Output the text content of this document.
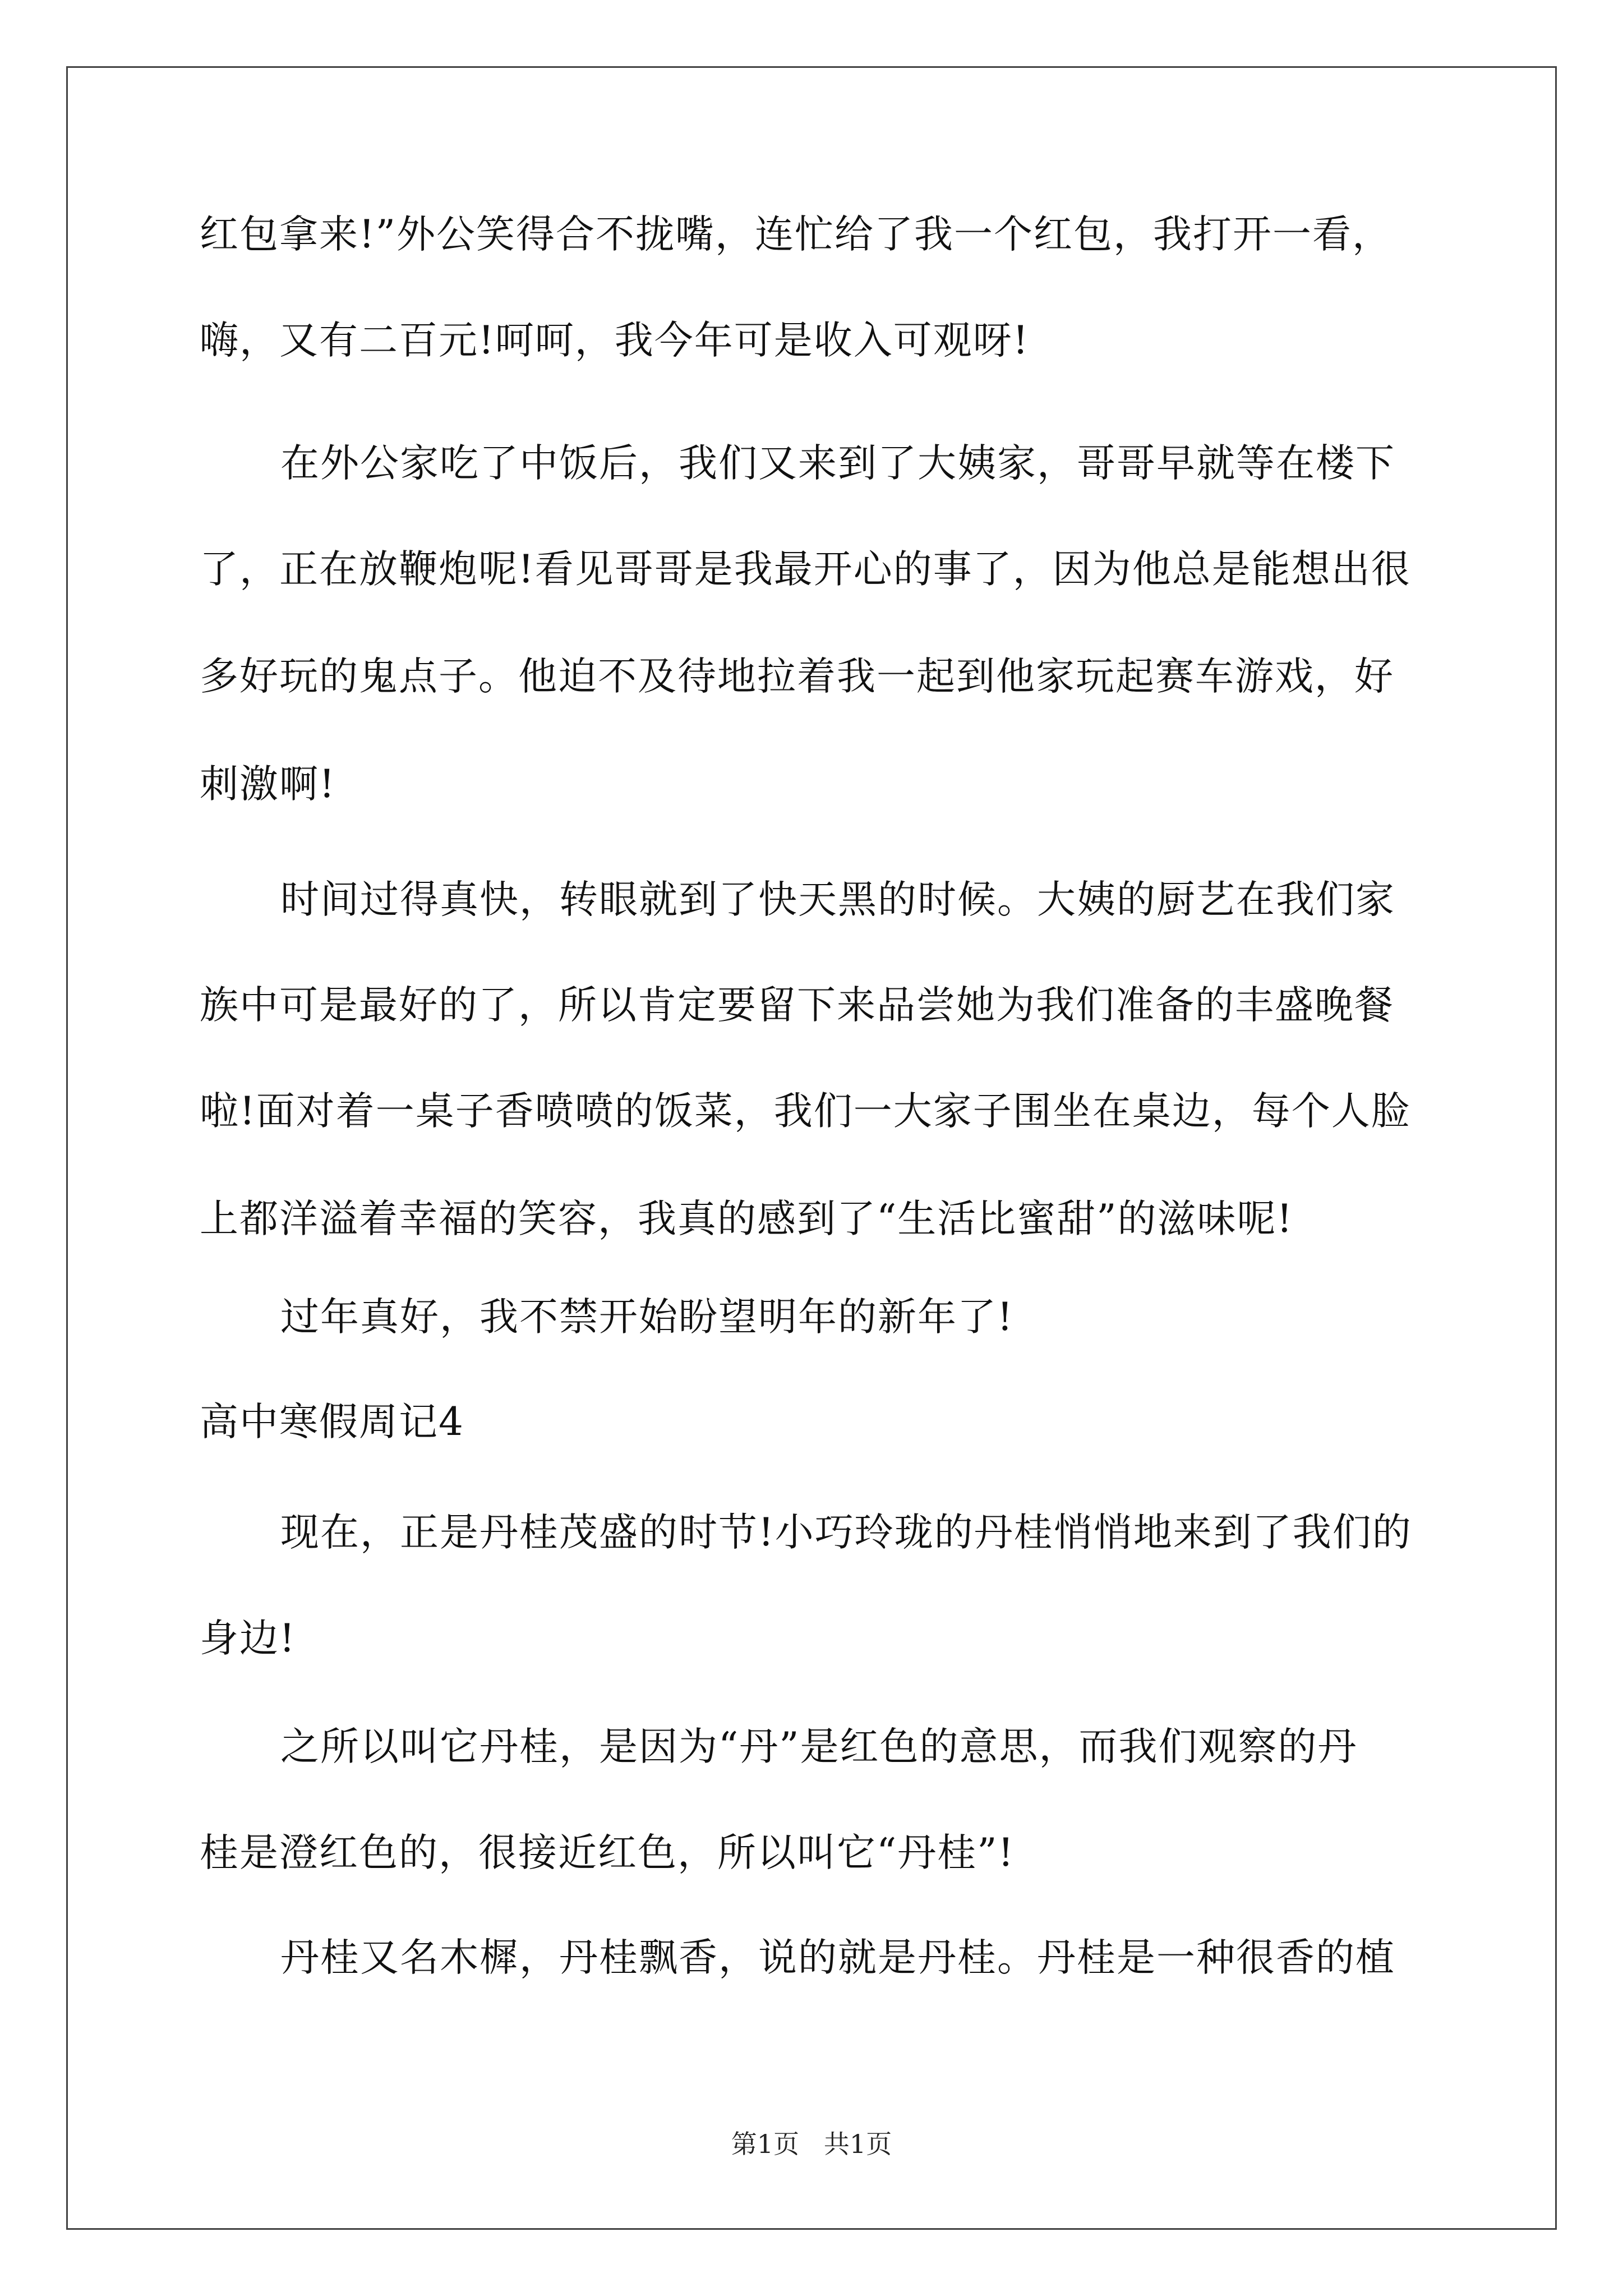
红包拿来!”外公笑得合不拢嘴，连忙给了我一个红包，我打开一看，
嗨，又有二百元!呵呵，我今年可是收入可观呀!
在外公家吃了中饭后，我们又来到了大姨家，哥哥早就等在楼下
了，正在放鞭炮呢!看见哥哥是我最开心的事了，因为他总是能想出很
多好玩的鬼点子。他迫不及待地拉着我一起到他家玩起赛车游戏，好
刺激啊!
时间过得真快，转眼就到了快天黑的时候。大姨的厨艺在我们家
族中可是最好的了，所以肯定要留下来品尝她为我们准备的丰盛晚餐
啦!面对着一桌子香喷喷的饭菜，我们一大家子围坐在桌边，每个人脸
上都洋溢着幸福的笑容，我真的感到了“生活比蜜甜”的滋味呢!
过年真好，我不禁开始盼望明年的新年了!
高中寒假周记4
现在，正是丹桂茂盛的时节!小巧玲珑的丹桂悄悄地来到了我们的
身边!
之所以叫它丹桂，是因为“丹”是红色的意思，而我们观察的丹
桂是澄红色的，很接近红色，所以叫它“丹桂”!
丹桂又名木樨，丹桂飘香，说的就是丹桂。丹桂是一种很香的植
第1页   共1页
